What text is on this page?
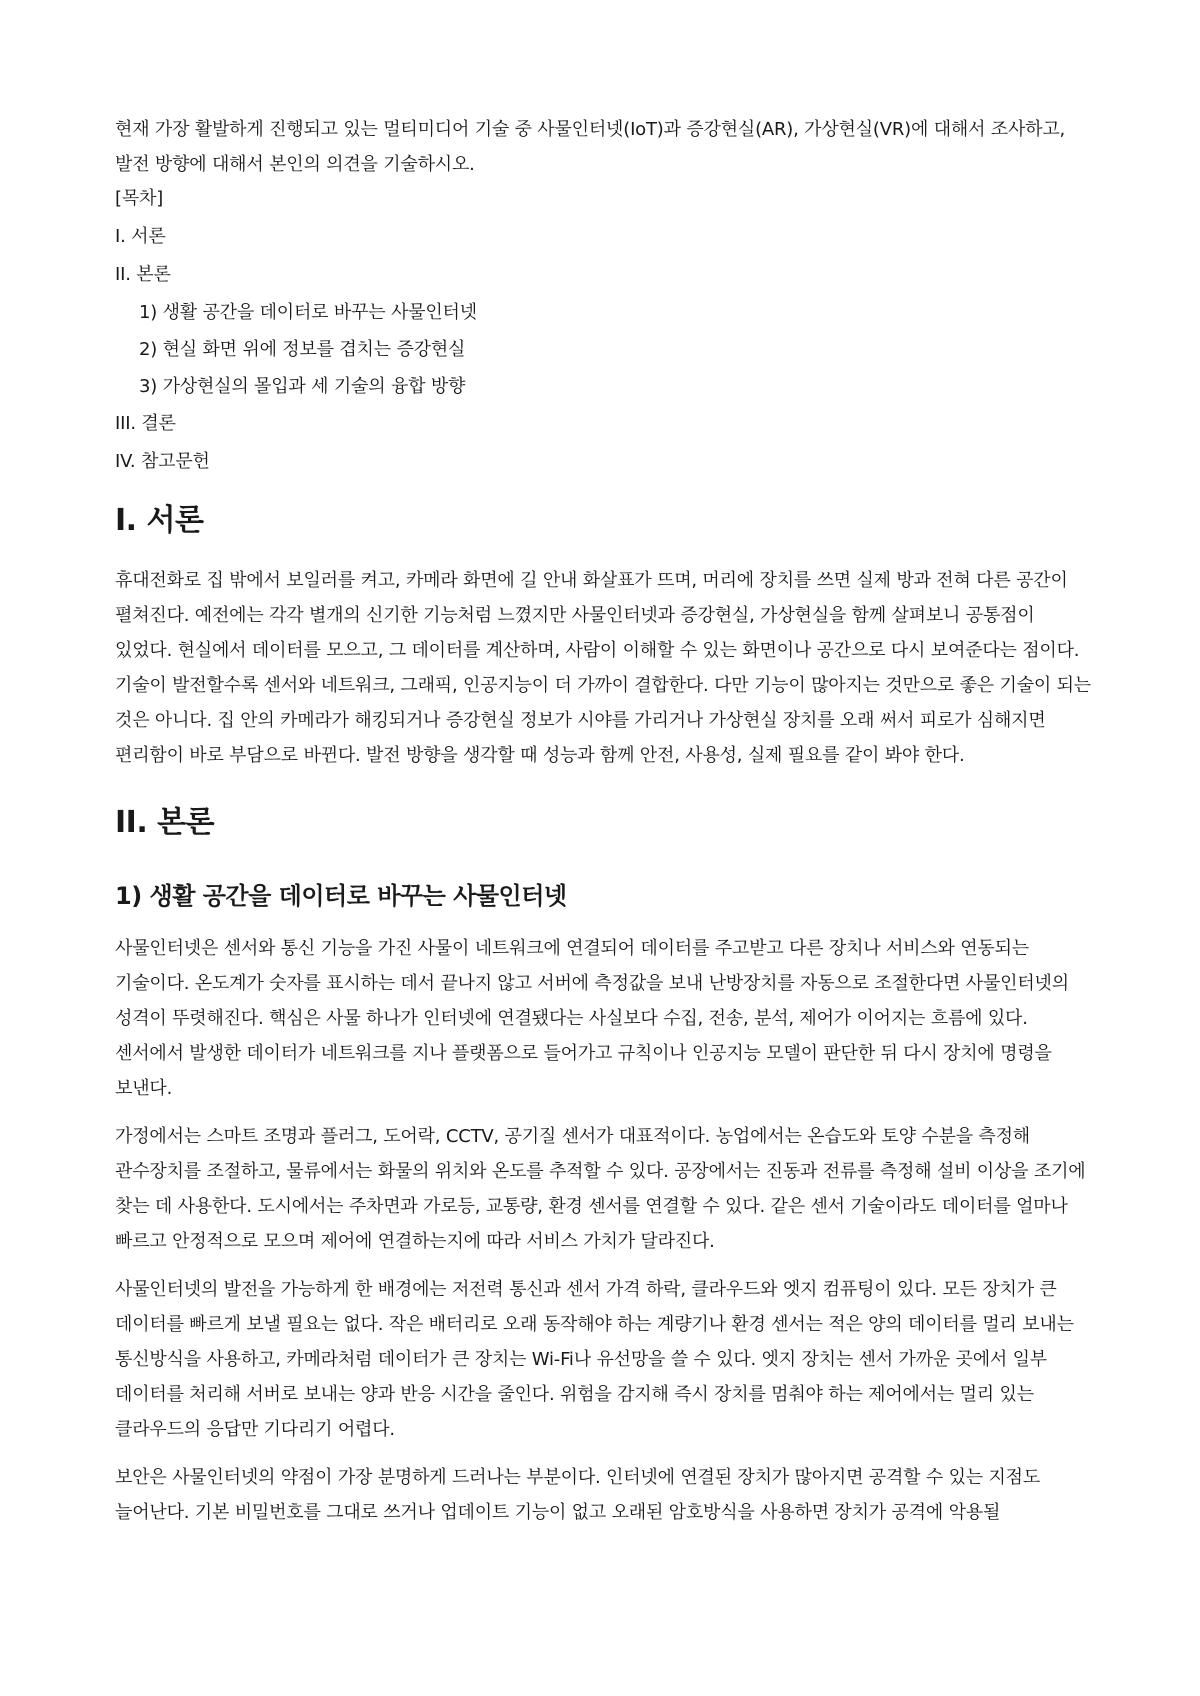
현재 가장 활발하게 진행되고 있는 멀티미디어 기술 중 사물인터넷(IoT)과 증강현실(AR), 가상현실(VR)에 대해서 조사하고, 발전 방향에 대해서 본인의 의견을 기술하시오.

[목차]

I. 서론

II. 본론

1) 생활 공간을 데이터로 바꾸는 사물인터넷

2) 현실 화면 위에 정보를 겹치는 증강현실

3) 가상현실의 몰입과 세 기술의 융합 방향

III. 결론

IV. 참고문헌

I. 서론

휴대전화로 집 밖에서 보일러를 켜고, 카메라 화면에 길 안내 화살표가 뜨며, 머리에 장치를 쓰면 실제 방과 전혀 다른 공간이 펼쳐진다. 예전에는 각각 별개의 신기한 기능처럼 느꼈지만 사물인터넷과 증강현실, 가상현실을 함께 살펴보니 공통점이 있었다. 현실에서 데이터를 모으고, 그 데이터를 계산하며, 사람이 이해할 수 있는 화면이나 공간으로 다시 보여준다는 점이다. 기술이 발전할수록 센서와 네트워크, 그래픽, 인공지능이 더 가까이 결합한다. 다만 기능이 많아지는 것만으로 좋은 기술이 되는 것은 아니다. 집 안의 카메라가 해킹되거나 증강현실 정보가 시야를 가리거나 가상현실 장치를 오래 써서 피로가 심해지면 편리함이 바로 부담으로 바뀐다. 발전 방향을 생각할 때 성능과 함께 안전, 사용성, 실제 필요를 같이 봐야 한다.

II. 본론
1) 생활 공간을 데이터로 바꾸는 사물인터넷

사물인터넷은 센서와 통신 기능을 가진 사물이 네트워크에 연결되어 데이터를 주고받고 다른 장치나 서비스와 연동되는 기술이다. 온도계가 숫자를 표시하는 데서 끝나지 않고 서버에 측정값을 보내 난방장치를 자동으로 조절한다면 사물인터넷의 성격이 뚜렷해진다. 핵심은 사물 하나가 인터넷에 연결됐다는 사실보다 수집, 전송, 분석, 제어가 이어지는 흐름에 있다. 센서에서 발생한 데이터가 네트워크를 지나 플랫폼으로 들어가고 규칙이나 인공지능 모델이 판단한 뒤 다시 장치에 명령을 보낸다.

가정에서는 스마트 조명과 플러그, 도어락, CCTV, 공기질 센서가 대표적이다. 농업에서는 온습도와 토양 수분을 측정해 관수장치를 조절하고, 물류에서는 화물의 위치와 온도를 추적할 수 있다. 공장에서는 진동과 전류를 측정해 설비 이상을 조기에 찾는 데 사용한다. 도시에서는 주차면과 가로등, 교통량, 환경 센서를 연결할 수 있다. 같은 센서 기술이라도 데이터를 얼마나 빠르고 안정적으로 모으며 제어에 연결하는지에 따라 서비스 가치가 달라진다.

사물인터넷의 발전을 가능하게 한 배경에는 저전력 통신과 센서 가격 하락, 클라우드와 엣지 컴퓨팅이 있다. 모든 장치가 큰 데이터를 빠르게 보낼 필요는 없다. 작은 배터리로 오래 동작해야 하는 계량기나 환경 센서는 적은 양의 데이터를 멀리 보내는 통신방식을 사용하고, 카메라처럼 데이터가 큰 장치는 Wi-Fi나 유선망을 쓸 수 있다. 엣지 장치는 센서 가까운 곳에서 일부 데이터를 처리해 서버로 보내는 양과 반응 시간을 줄인다. 위험을 감지해 즉시 장치를 멈춰야 하는 제어에서는 멀리 있는 클라우드의 응답만 기다리기 어렵다.

보안은 사물인터넷의 약점이 가장 분명하게 드러나는 부분이다. 인터넷에 연결된 장치가 많아지면 공격할 수 있는 지점도 늘어난다. 기본 비밀번호를 그대로 쓰거나 업데이트 기능이 없고 오래된 암호방식을 사용하면 장치가 공격에 악용될
